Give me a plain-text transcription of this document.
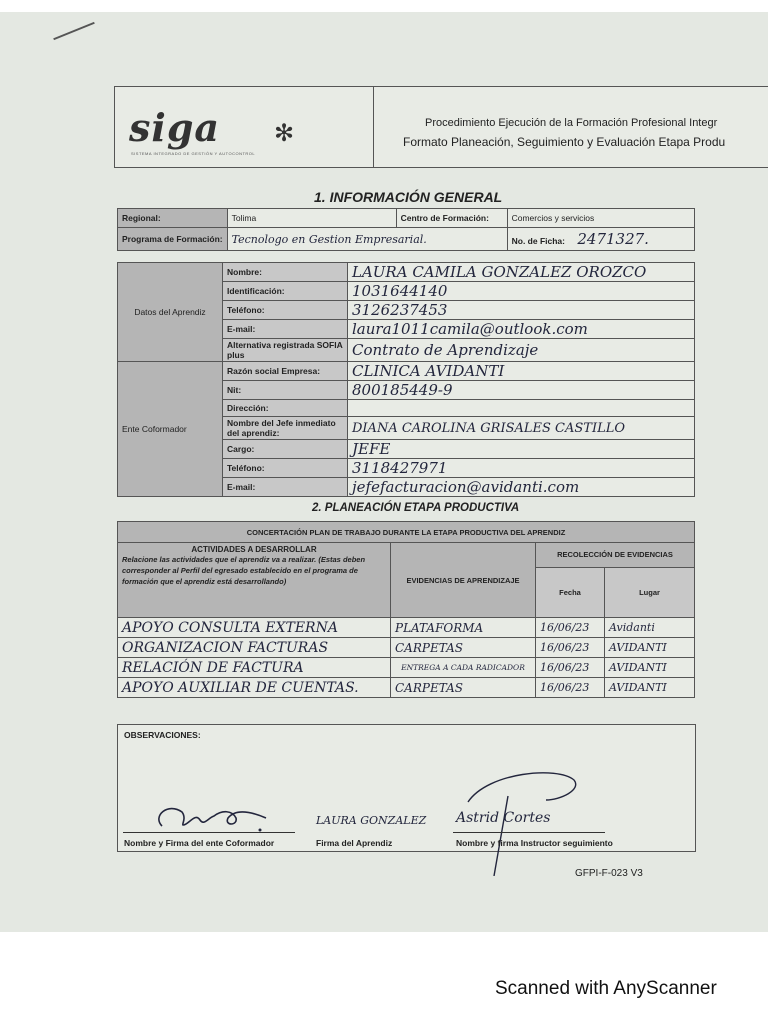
siga
SISTEMA INTEGRADO DE GESTIÓN Y AUTOCONTROL
✻	Procedimiento Ejecución de la Formación Profesional Integr
Formato Planeación, Seguimiento y Evaluación Etapa Produ
1. INFORMACIÓN GENERAL
Regional:	Tolima	Centro de Formación:	Comercios y servicios
Programa de Formación:	Tecnologo en Gestion Empresarial.		No. de Ficha: 2471327.
Datos del Aprendiz	Nombre:	LAURA CAMILA GONZALEZ OROZCO
	Identificación:	1031644140
	Teléfono:	3126237453
	E-mail:	laura1011camila@outlook.com
	Alternativa registrada SOFIA plus	Contrato de Aprendizaje
Ente Coformador	Razón social Empresa:	CLINICA AVIDANTI
	Nit:	800185449-9
	Dirección:	
	Nombre del Jefe inmediato del aprendiz:	DIANA CAROLINA GRISALES CASTILLO
	Cargo:	JEFE
	Teléfono:	3118427971
	E-mail:	jefefacturacion@avidanti.com
2. PLANEACIÓN ETAPA PRODUCTIVA
CONCERTACIÓN PLAN DE TRABAJO DURANTE LA ETAPA PRODUCTIVA DEL APRENDIZ			

ACTIVIDADES A DESARROLLAR
Relacione las actividades que el aprendiz va a realizar. (Estas deben corresponder al Perfil del egresado establecido en el programa de formación que el aprendiz está desarrollando)	EVIDENCIAS DE APRENDIZAJE	RECOLECCIÓN DE EVIDENCIAS	
		Fecha	Lugar
APOYO CONSULTA EXTERNA	PLATAFORMA	16/06/23	Avidanti
ORGANIZACION FACTURAS	CARPETAS	16/06/23	AVIDANTI
RELACIÓN DE FACTURA	ENTREGA A CADA RADICADOR	16/06/23	AVIDANTI
APOYO AUXILIAR DE CUENTAS.	CARPETAS	16/06/23	AVIDANTI
OBSERVACIONES:
LAURA GONZALEZ Astrid Cortes
Nombre y Firma del ente Coformador	Firma del Aprendiz	Nombre y firma Instructor seguimiento
GFPI-F-023 V3
Scanned with AnyScanner
